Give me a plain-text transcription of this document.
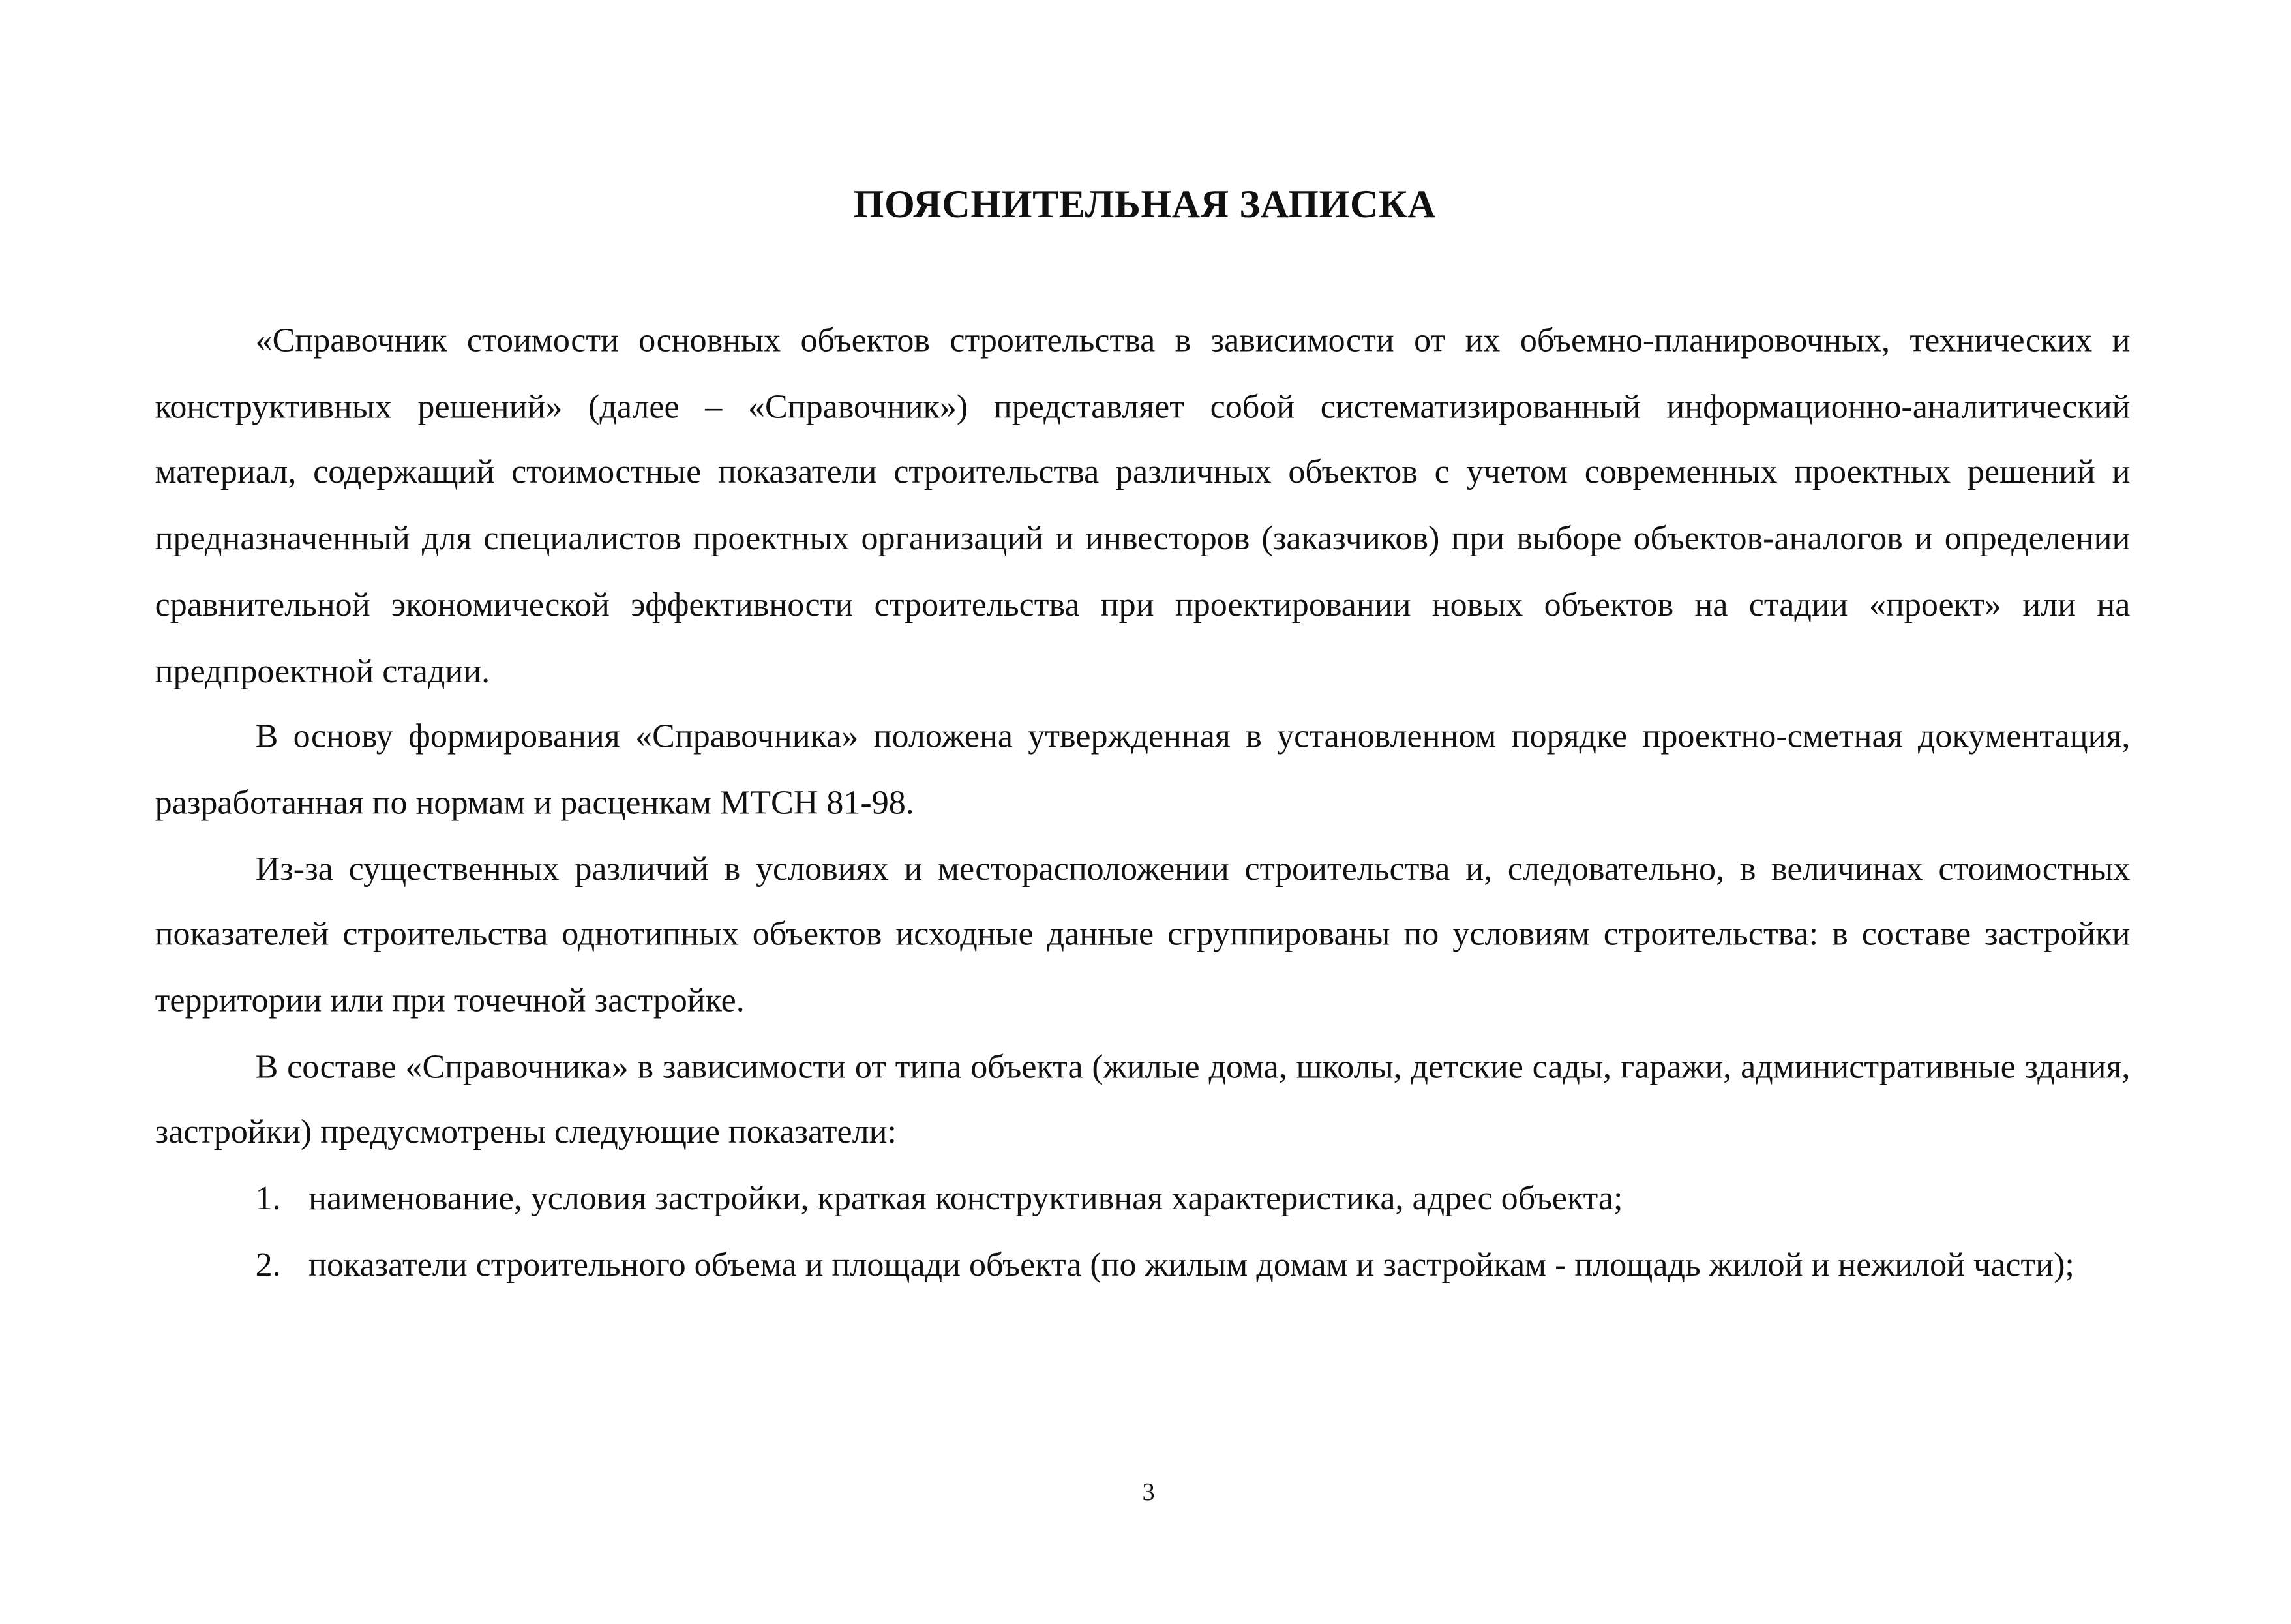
ПОЯСНИТЕЛЬНАЯ ЗАПИСКА

«Справочник стоимости основных объектов строительства в зависимости от их объемно-планировочных, технических и конструктивных решений» (далее – «Справочник») представляет собой систематизированный информационно-аналитический материал, содержащий стоимостные показатели строительства различных объектов с учетом современных проектных решений и предназначенный для специалистов проектных организаций и инвесторов (заказчиков) при выборе объектов-аналогов и определении сравнительной экономической эффективности строительства при проектировании новых объектов на стадии «проект» или на предпроектной стадии.

В основу формирования «Справочника» положена утвержденная в установленном порядке проектно-сметная документация, разработанная по нормам и расценкам МТСН 81-98.

Из-за существенных различий в условиях и месторасположении строительства и, следовательно, в величинах стоимостных показателей строительства однотипных объектов исходные данные сгруппированы по условиям строительства: в составе застройки территории или при точечной застройке.

В составе «Справочника» в зависимости от типа объекта (жилые дома, школы, детские сады, гаражи, административные здания, застройки) предусмотрены следующие показатели:

1. наименование, условия застройки, краткая конструктивная характеристика, адрес объекта;
2. показатели строительного объема и площади объекта (по жилым домам и застройкам - площадь жилой и нежилой части);
3
